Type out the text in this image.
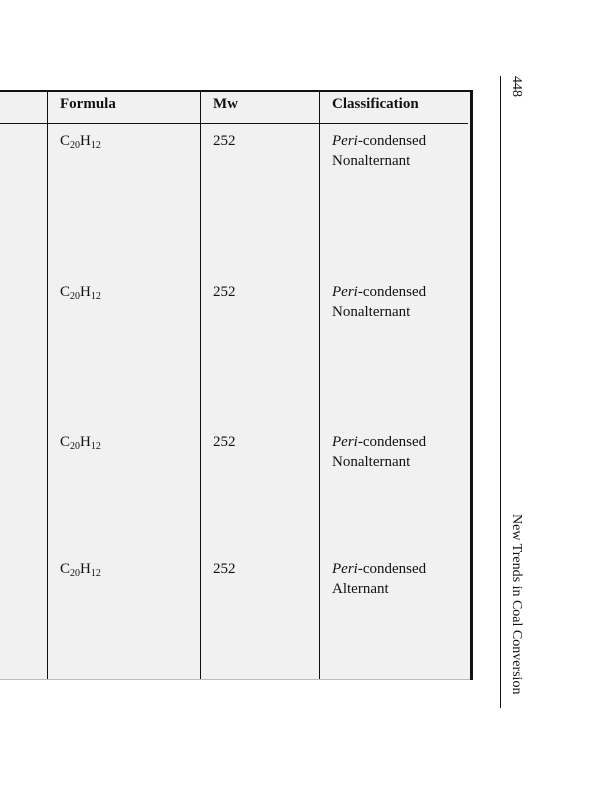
Formula	Mw	Classification
$C_{20}H_{12}$	252	Peri-condensed
Nonalternant
$C_{20}H_{12}$	252	Peri-condensed
Nonalternant
$C_{20}H_{12}$	252	Peri-condensed
Nonalternant
$C_{20}H_{12}$	252	Peri-condensed
Alternant
448
New Trends in Coal Conversion
